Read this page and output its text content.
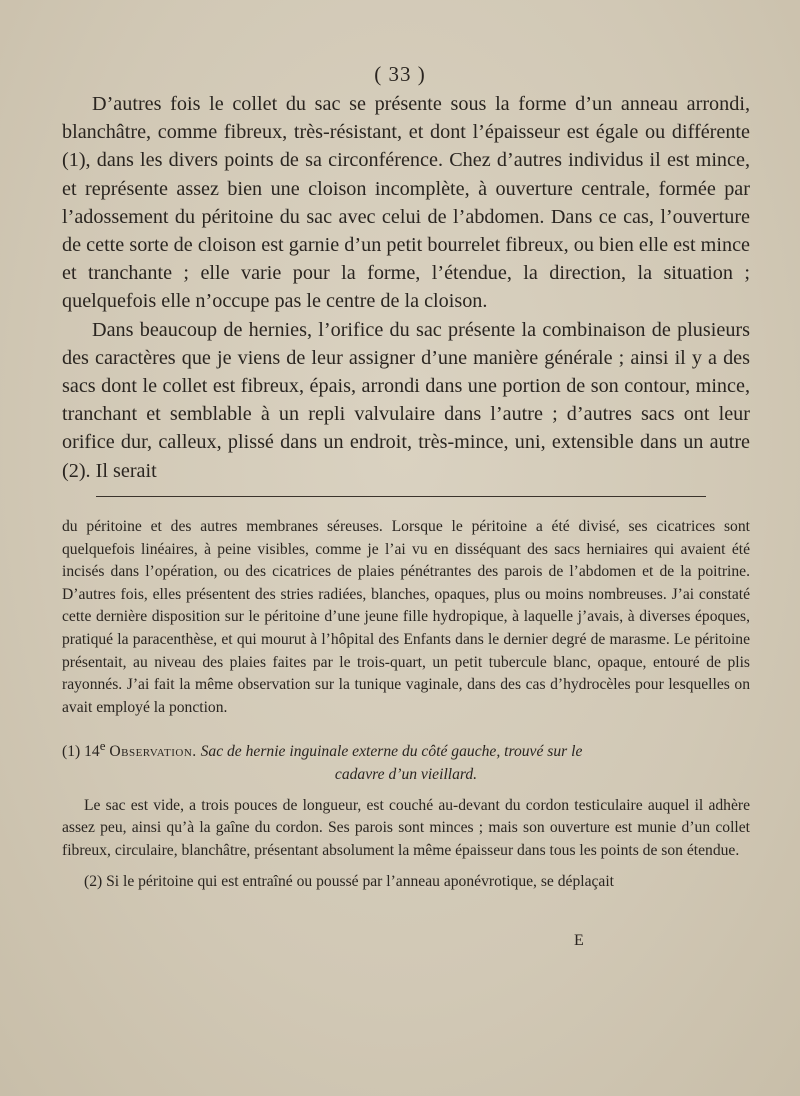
( 33 )

D’autres fois le collet du sac se présente sous la forme d’un anneau arrondi, blanchâtre, comme fibreux, très-résistant, et dont l’épaisseur est égale ou différente (1), dans les divers points de sa circonférence. Chez d’autres individus il est mince, et représente assez bien une cloison incomplète, à ouverture centrale, formée par l’adossement du péritoine du sac avec celui de l’abdomen. Dans ce cas, l’ouverture de cette sorte de cloison est garnie d’un petit bourrelet fibreux, ou bien elle est mince et tranchante ; elle varie pour la forme, l’étendue, la direction, la situation ; quelquefois elle n’occupe pas le centre de la cloison.

Dans beaucoup de hernies, l’orifice du sac présente la combinaison de plusieurs des caractères que je viens de leur assigner d’une manière générale ; ainsi il y a des sacs dont le collet est fibreux, épais, arrondi dans une portion de son contour, mince, tranchant et semblable à un repli valvulaire dans l’autre ; d’autres sacs ont leur orifice dur, calleux, plissé dans un endroit, très-mince, uni, extensible dans un autre (2). Il serait

du péritoine et des autres membranes séreuses. Lorsque le péritoine a été divisé, ses cicatrices sont quelquefois linéaires, à peine visibles, comme je l’ai vu en disséquant des sacs herniaires qui avaient été incisés dans l’opération, ou des cicatrices de plaies pénétrantes des parois de l’abdomen et de la poitrine. D’autres fois, elles présentent des stries radiées, blanches, opaques, plus ou moins nombreuses. J’ai constaté cette dernière disposition sur le péritoine d’une jeune fille hydropique, à laquelle j’avais, à diverses époques, pratiqué la paracenthèse, et qui mourut à l’hôpital des Enfants dans le dernier degré de marasme. Le péritoine présentait, au niveau des plaies faites par le trois-quart, un petit tubercule blanc, opaque, entouré de plis rayonnés. J’ai fait la même observation sur la tunique vaginale, dans des cas d’hydrocèles pour lesquelles on avait employé la ponction.

(1) 14e Observation. Sac de hernie inguinale externe du côté gauche, trouvé sur le

cadavre d’un vieillard.

Le sac est vide, a trois pouces de longueur, est couché au-devant du cordon testiculaire auquel il adhère assez peu, ainsi qu’à la gaîne du cordon. Ses parois sont minces ; mais son ouverture est munie d’un collet fibreux, circulaire, blanchâtre, présentant absolument la même épaisseur dans tous les points de son étendue.

(2) Si le péritoine qui est entraîné ou poussé par l’anneau aponévrotique, se déplaçait

E
